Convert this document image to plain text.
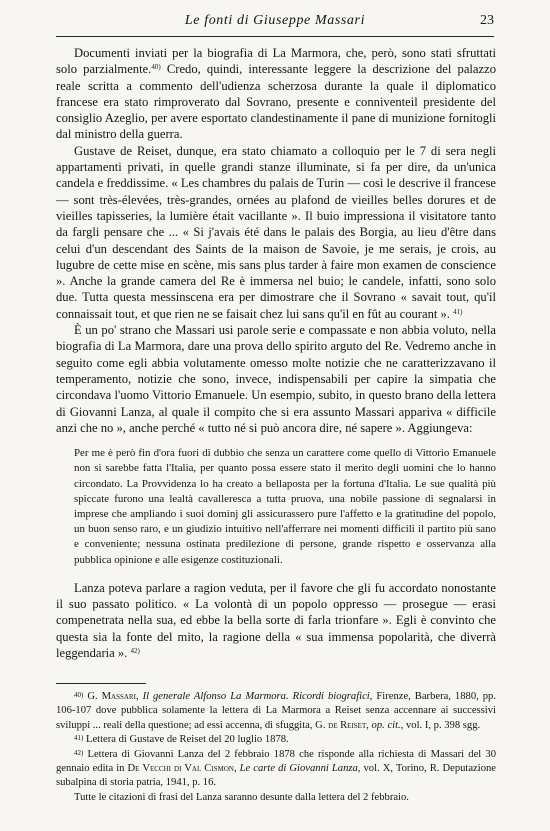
Le fonti di Giuseppe Massari	23

Documenti inviati per la biografia di La Marmora, che, però, sono stati sfruttati solo parzialmente.$^{40)}$ Credo, quindi, interessante leggere la descrizione del palazzo reale scritta a commento dell'udienza scherzosa durante la quale il diplomatico francese era stato rimproverato dal Sovrano, presente e conniventeil presidente del consiglio Azeglio, per avere esportato clandestinamente il pane di munizione fornitogli dal ministro della guerra.

Gustave de Reiset, dunque, era stato chiamato a colloquio per le 7 di sera negli appartamenti privati, in quelle grandi stanze illuminate, si fa per dire, da un'unica candela e freddissime. « Les chambres du palais de Turin — così le descrive il francese — sont très-élevées, très-grandes, ornées au plafond de vieilles belles dorures et de vieilles tapisseries, la lumière était vacillante ». Il buio impressiona il visitatore tanto da fargli pensare che ... « Si j'avais été dans le palais des Borgia, au lieu d'être dans celui d'un descendant des Saints de la maison de Savoie, je me serais, je crois, au lugubre de cette mise en scène, mis sans plus tarder à faire mon examen de conscience ». Anche la grande camera del Re è immersa nel buio; le candele, infatti, sono solo due. Tutta questa messinscena era per dimostrare che il Sovrano « savait tout, qu'il connaissait tout, et que rien ne se faisait chez lui sans qu'il en fût au courant ». $^{41)}$

È un po' strano che Massari usi parole serie e compassate e non abbia voluto, nella biografia di La Marmora, dare una prova dello spirito arguto del Re. Vedremo anche in seguito come egli abbia volutamente omesso molte notizie che ne caratterizzavano il temperamento, notizie che sono, invece, indispensabili per capire la simpatia che circondava l'uomo Vittorio Emanuele. Un esempio, subito, in questo brano della lettera di Giovanni Lanza, al quale il compito che si era assunto Massari appariva « difficile anzi che no », anche perché « tutto né si può ancora dire, né sapere ». Aggiungeva:

Per me è però fin d'ora fuori di dubbio che senza un carattere come quello di Vittorio Emanuele non si sarebbe fatta l'Italia, per quanto possa essere stato il merito degli uomini che lo hanno circondato. La Provvidenza lo ha creato a bellaposta per la fortuna d'Italia. Le sue qualità più spiccate furono una lealtà cavalleresca a tutta pruova, una nobile passione di segnalarsi in imprese che ampliando i suoi dominj gli assicurassero pure l'affetto e la gratitudine del popolo, un buon senso raro, e un giudizio intuitivo nell'afferrare nei momenti difficili il partito più sano e conveniente; nessuna ostinata predilezione di persone, grande rispetto e osservanza alla pubblica opinione e alle esigenze costituzionali.

Lanza poteva parlare a ragion veduta, per il favore che gli fu accordato nonostante il suo passato politico. « La volontà di un popolo oppresso — prosegue — erasi compenetrata nella sua, ed ebbe la bella sorte di farla trionfare ». Egli è convinto che questa sia la fonte del mito, la ragione della « sua immensa popolarità, che diverrà leggendaria ». $^{42)}$

$^{40)}$ G. Massari, Il generale Alfonso La Marmora. Ricordi biografici, Firenze, Barbera, 1880, pp. 106-107 dove pubblica solamente la lettera di La Marmora a Reiset senza accennare ai successivi sviluppi ... reali della questione; ad essi accenna, di sfuggita, G. de Reiset, op. cit., vol. I, p. 398 sgg.

$^{41)}$ Lettera di Gustave de Reiset del 20 luglio 1878.

$^{42)}$ Lettera di Giovanni Lanza del 2 febbraio 1878 che risponde alla richiesta di Massari del 30 gennaio edita in De Vecchi di Val Cismon, Le carte di Giovanni Lanza, vol. X, Torino, R. Deputazione subalpina di storia patria, 1941, p. 16.

Tutte le citazioni di frasi del Lanza saranno desunte dalla lettera del 2 febbraio.
